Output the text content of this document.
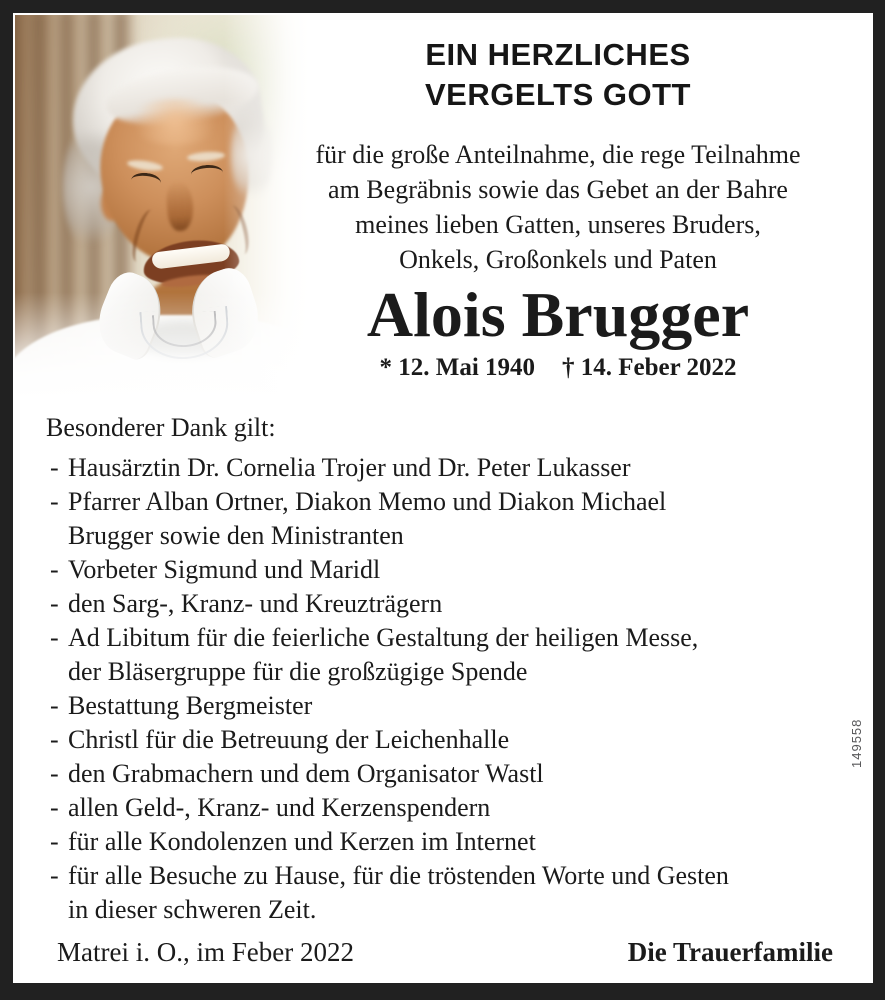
EIN HERZLICHES
VERGELTS GOTT
für die große Anteilnahme, die rege Teilnahme
am Begräbnis sowie das Gebet an der Bahre
meines lieben Gatten, unseres Bruders,
Onkels, Großonkels und Paten
Alois Brugger
* 12. Mai 1940 † 14. Feber 2022
Besonderer Dank gilt:
- Hausärztin Dr. Cornelia Trojer und Dr. Peter Lukasser
- Pfarrer Alban Ortner, Diakon Memo und Diakon Michael
Brugger sowie den Ministranten
- Vorbeter Sigmund und Maridl
- den Sarg-, Kranz- und Kreuzträgern
- Ad Libitum für die feierliche Gestaltung der heiligen Messe,
der Bläsergruppe für die großzügige Spende
- Bestattung Bergmeister
- Christl für die Betreuung der Leichenhalle
- den Grabmachern und dem Organisator Wastl
- allen Geld-, Kranz- und Kerzenspendern
- für alle Kondolenzen und Kerzen im Internet
- für alle Besuche zu Hause, für die tröstenden Worte und Gesten
in dieser schweren Zeit.
Matrei i. O., im Feber 2022	Die Trauerfamilie
149558
